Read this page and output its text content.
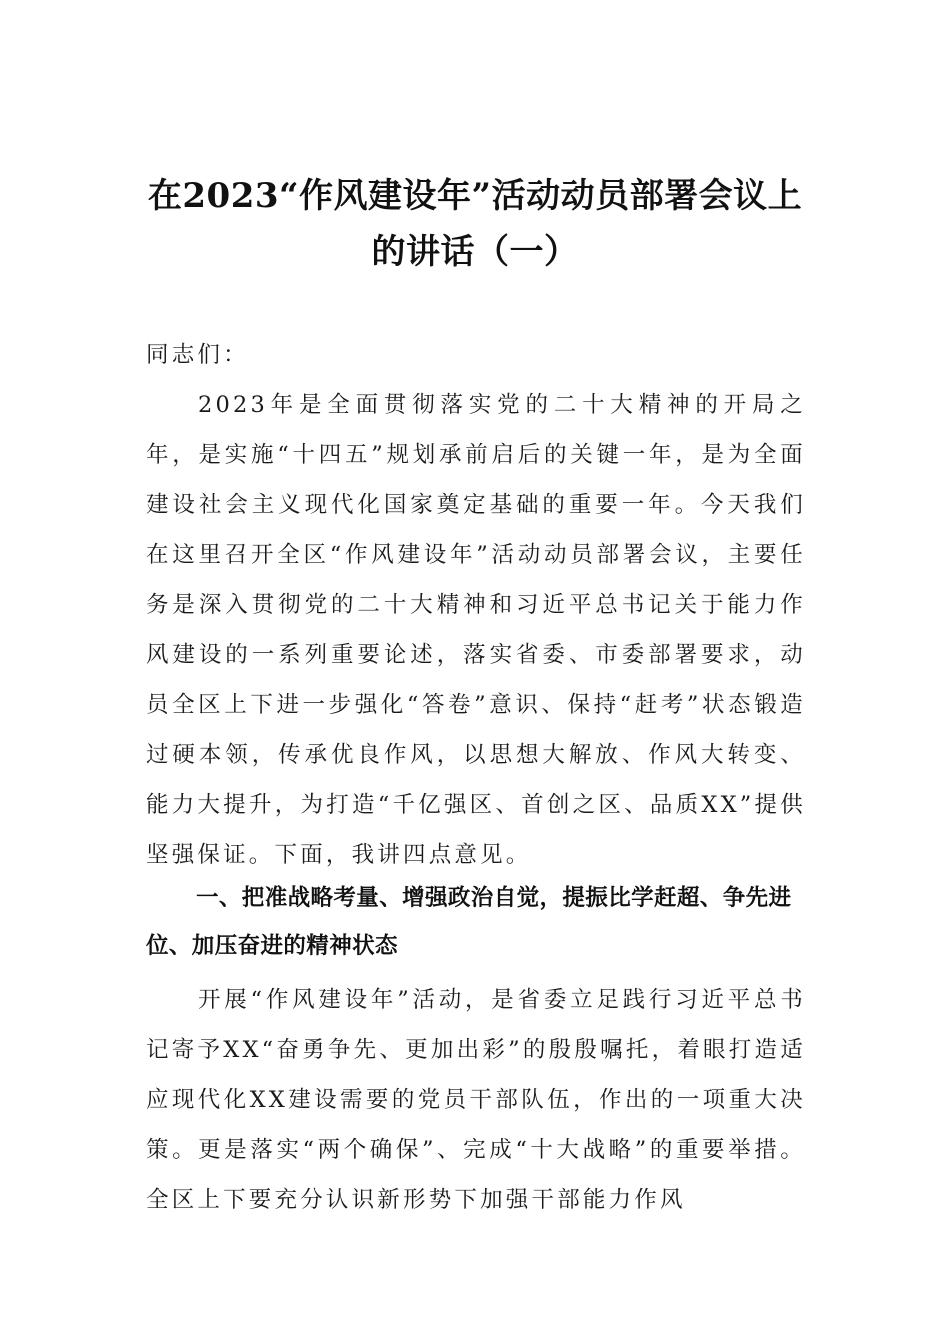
在2023“作风建设年”活动动员部署会议上
的讲话（一）
同志们：
2023年是全面贯彻落实党的二十大精神的开局之年，是实施“十四五”规划承前启后的关键一年，是为全面建设社会主义现代化国家奠定基础的重要一年。今天我们在这里召开全区“作风建设年”活动动员部署会议，主要任务是深入贯彻党的二十大精神和习近平总书记关于能力作风建设的一系列重要论述，落实省委、市委部署要求，动员全区上下进一步强化“答卷”意识、保持“赶考”状态锻造过硬本领，传承优良作风，以思想大解放、作风大转变、能力大提升，为打造“千亿强区、首创之区、品质XX”提供坚强保证。下面，我讲四点意见。
一、把准战略考量、增强政治自觉，提振比学赶超、争先进位、加压奋进的精神状态
开展“作风建设年”活动，是省委立足践行习近平总书记寄予XX“奋勇争先、更加出彩”的殷殷嘱托，着眼打造适应现代化XX建设需要的党员干部队伍，作出的一项重大决策。更是落实“两个确保”、完成“十大战略”的重要举措。全区上下要充分认识新形势下加强干部能力作风
